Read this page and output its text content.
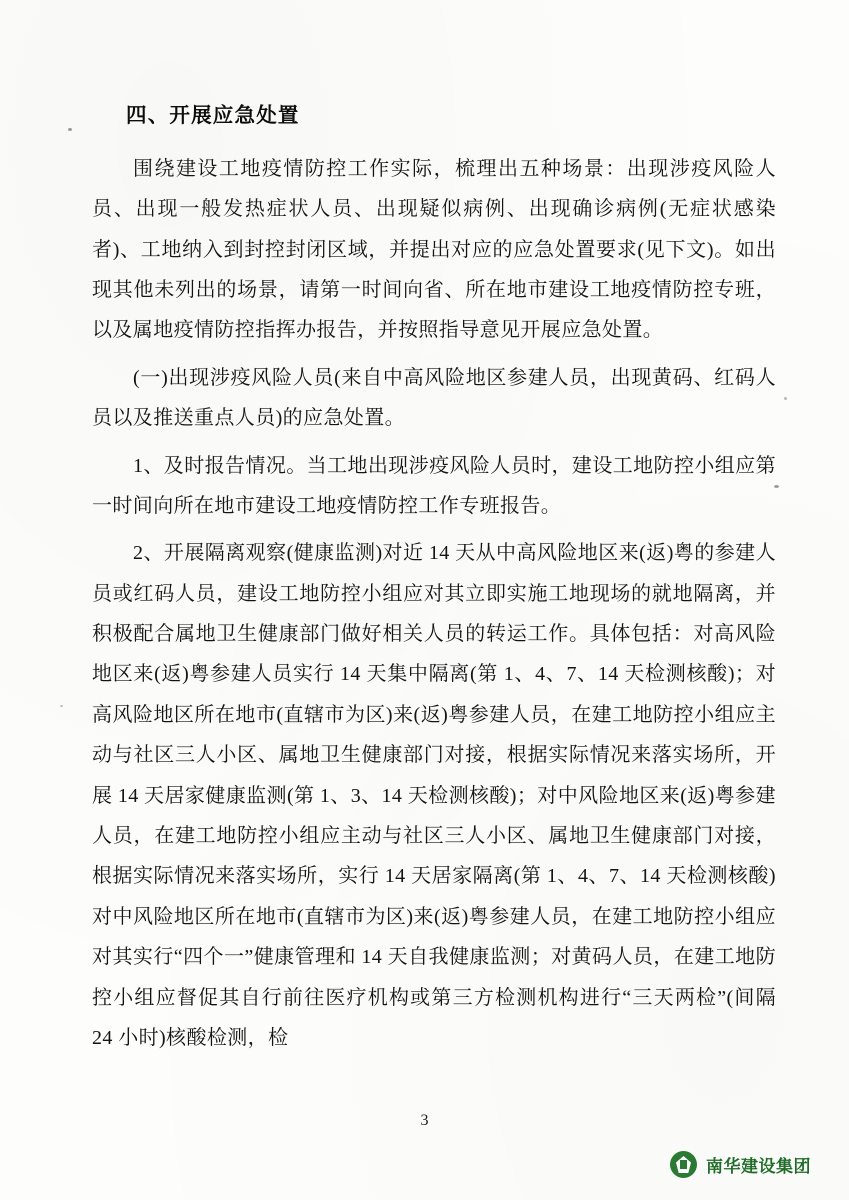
四、开展应急处置

围绕建设工地疫情防控工作实际，梳理出五种场景：出现涉疫风险人员、出现一般发热症状人员、出现疑似病例、出现确诊病例(无症状感染者)、工地纳入到封控封闭区域，并提出对应的应急处置要求(见下文)。如出现其他未列出的场景，请第一时间向省、所在地市建设工地疫情防控专班，以及属地疫情防控指挥办报告，并按照指导意见开展应急处置。

(一)出现涉疫风险人员(来自中高风险地区参建人员，出现黄码、红码人员以及推送重点人员)的应急处置。

1、及时报告情况。当工地出现涉疫风险人员时，建设工地防控小组应第一时间向所在地市建设工地疫情防控工作专班报告。

2、开展隔离观察(健康监测)对近 14 天从中高风险地区来(返)粤的参建人员或红码人员，建设工地防控小组应对其立即实施工地现场的就地隔离，并积极配合属地卫生健康部门做好相关人员的转运工作。具体包括：对高风险地区来(返)粤参建人员实行 14 天集中隔离(第 1、4、7、14 天检测核酸)；对高风险地区所在地市(直辖市为区)来(返)粤参建人员，在建工地防控小组应主动与社区三人小区、属地卫生健康部门对接，根据实际情况来落实场所，开展 14 天居家健康监测(第 1、3、14 天检测核酸)；对中风险地区来(返)粤参建人员，在建工地防控小组应主动与社区三人小区、属地卫生健康部门对接，根据实际情况来落实场所，实行 14 天居家隔离(第 1、4、7、14 天检测核酸)对中风险地区所在地市(直辖市为区)来(返)粤参建人员，在建工地防控小组应对其实行“四个一”健康管理和 14 天自我健康监测；对黄码人员，在建工地防控小组应督促其自行前往医疗机构或第三方检测机构进行“三天两检”(间隔 24 小时)核酸检测，检

3
南华建设集团
